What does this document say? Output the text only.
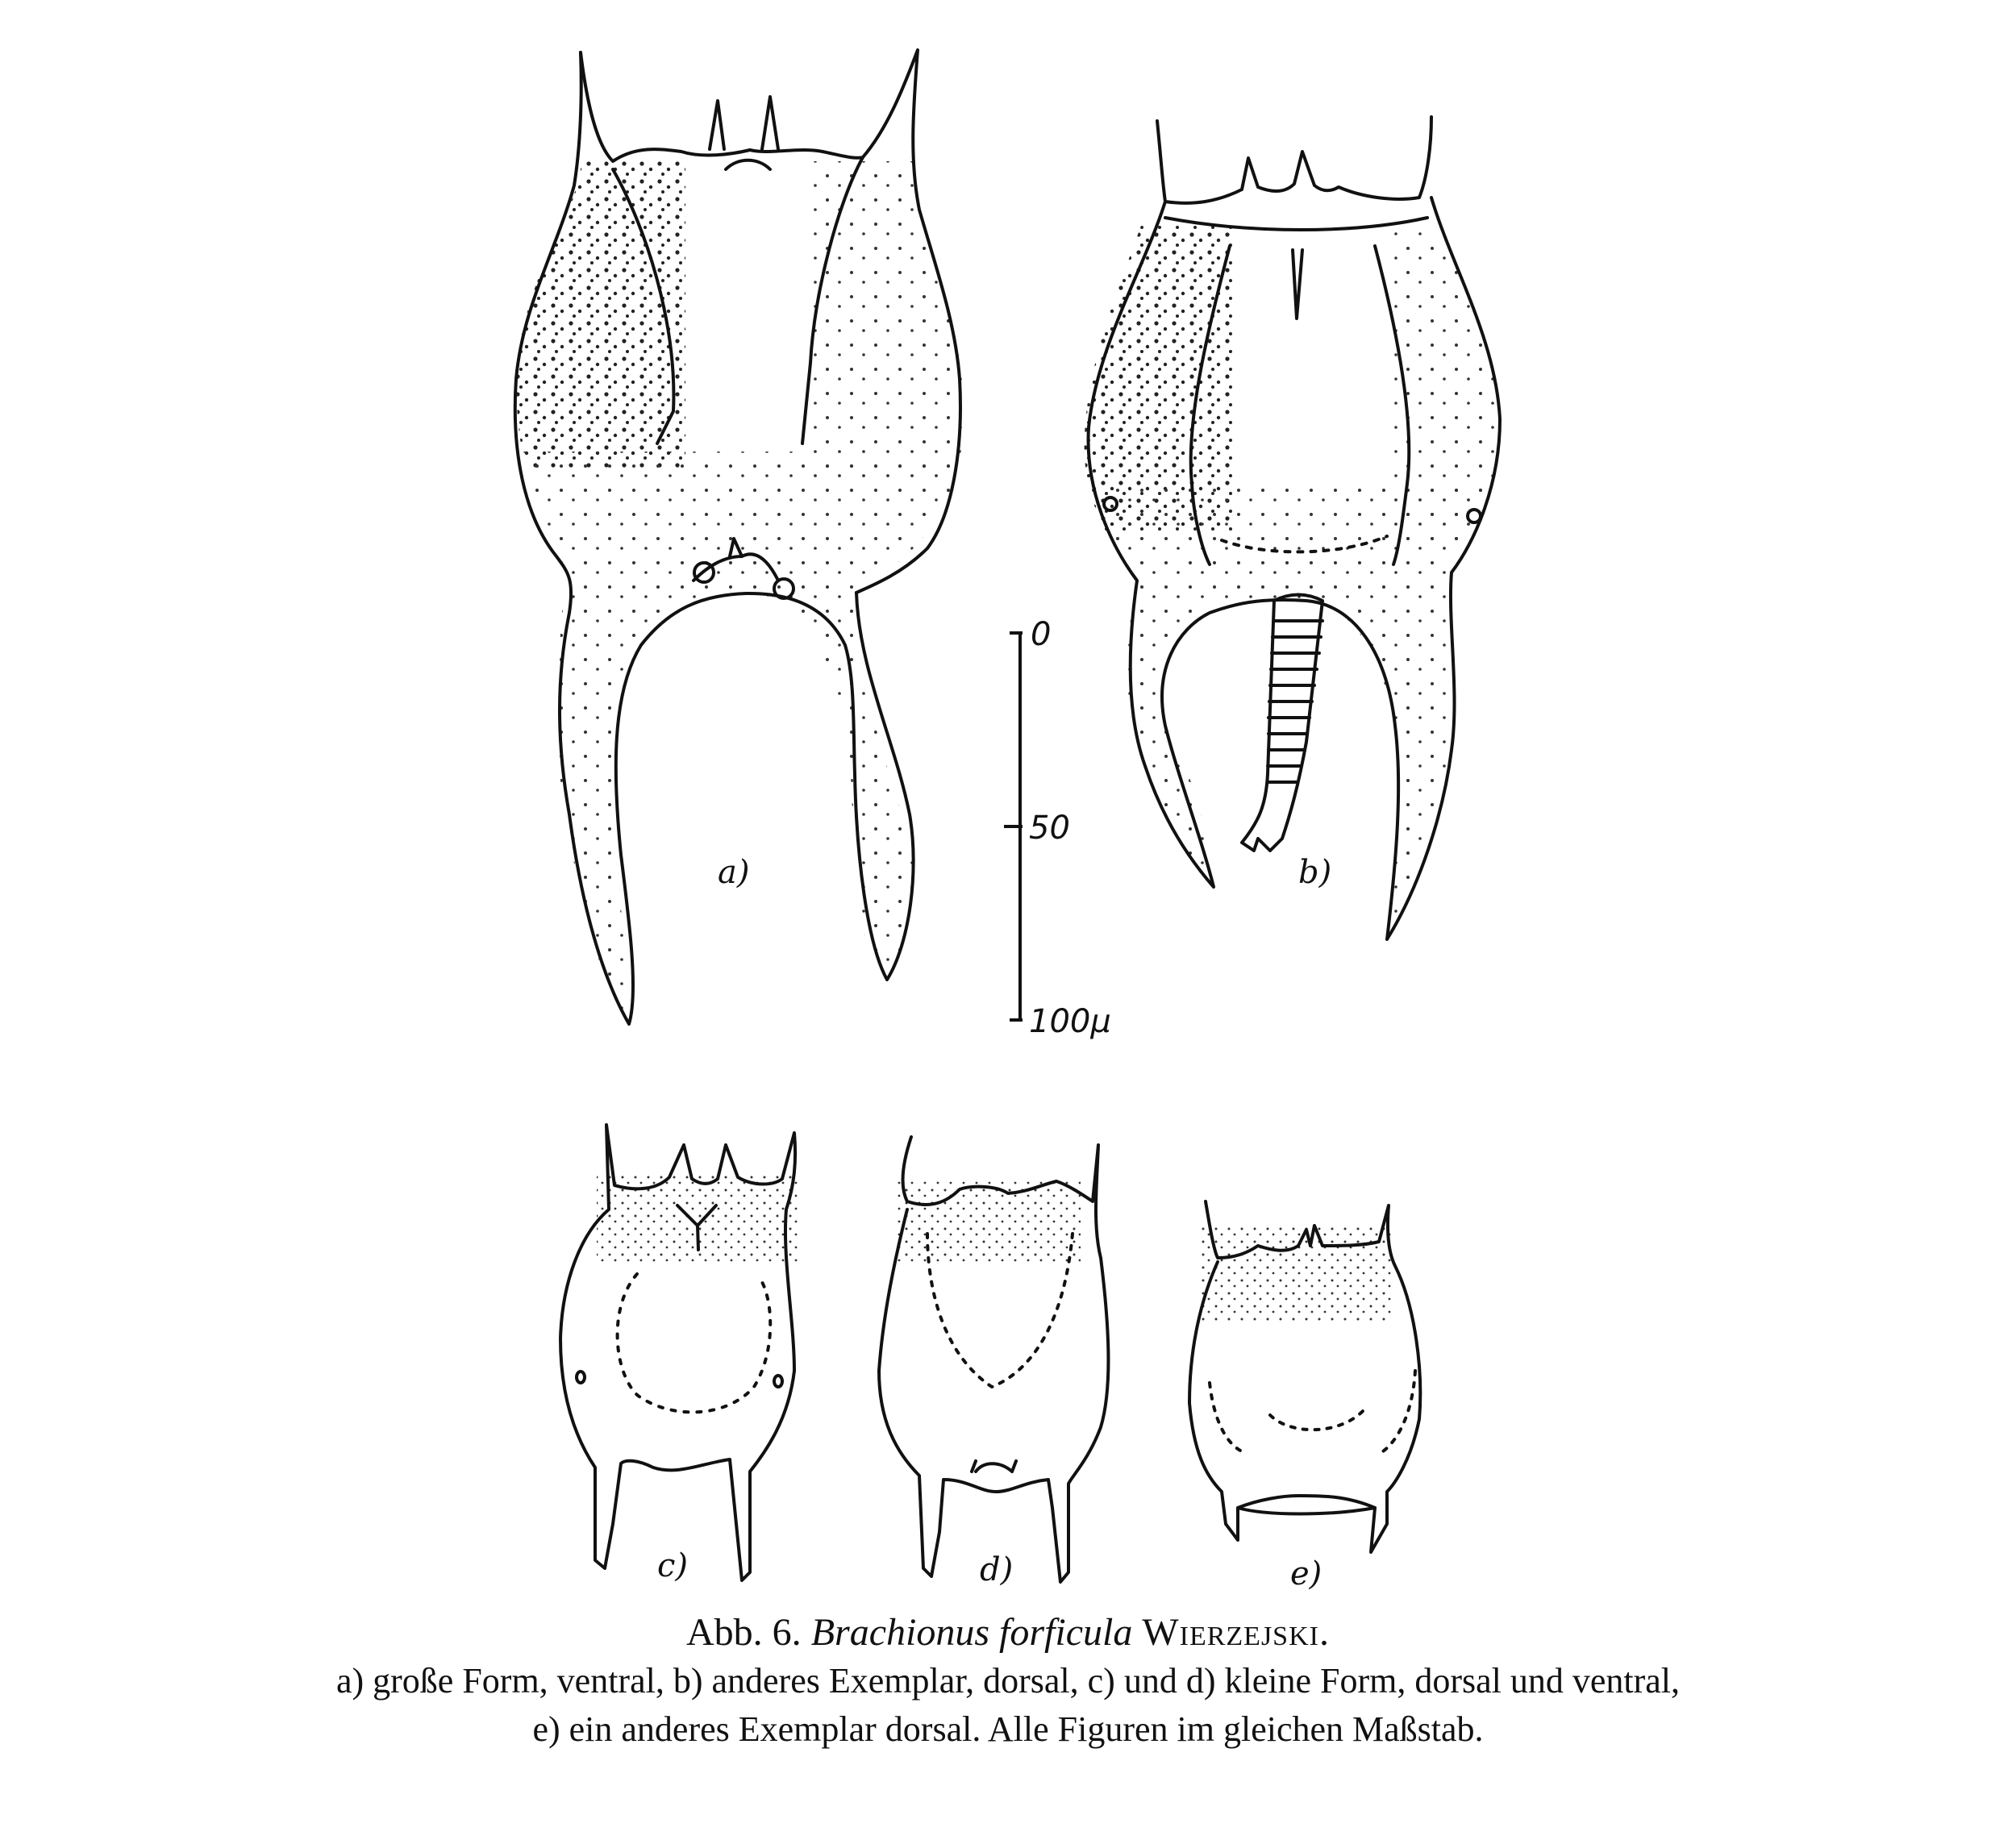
a)	b)
0
50
100μ
c)	d)	e)
Abb. 6. Brachionus forficula Wierzejski.
a) große Form, ventral, b) anderes Exemplar, dorsal, c) und d) kleine Form, dorsal und ventral,
e) ein anderes Exemplar dorsal. Alle Figuren im gleichen Maßstab.
